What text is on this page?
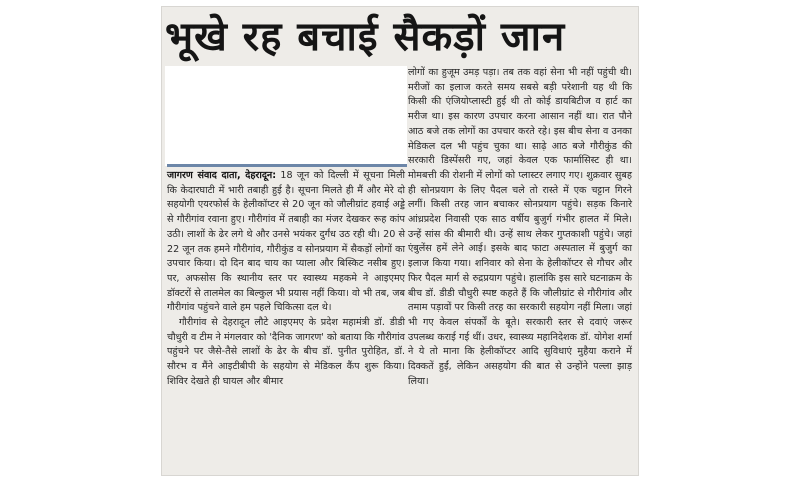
भूखे रह बचाई सैकड़ों जान

जागरण संवाद दाता, देहरादून: 18 जून को दिल्ली में सूचना मिली कि केदारघाटी में भारी तबाही हुई है। सूचना मिलते ही मैं और मेरे दो सहयोगी एयरफोर्स के हेलीकॉप्टर से 20 जून को जौलीग्रांट हवाई अड्डे से गौरीगांव रवाना हुए। गौरीगांव में तबाही का मंजर देखकर रूह कांप उठी। लाशों के ढेर लगे थे और उनसे भयंकर दुर्गंध उठ रही थी। 20 से 22 जून तक हमने गौरीगांव, गौरीकुंड व सोनप्रयाग में सैकड़ों लोगों का उपचार किया। दो दिन बाद चाय का प्याला और बिस्किट नसीब हुए। पर, अफसोस कि स्थानीय स्तर पर स्वास्थ्य महकमे ने आइएमए डॉक्टरों से तालमेल का बिल्कुल भी प्रयास नहीं किया। वो भी तब, जब गौरीगांव पहुंचने वाले हम पहले चिकित्सा दल थे।

गौरीगांव से देहरादून लौटे आइएमए के प्रदेश महामंत्री डॉ. डीडी चौधुरी व टीम ने मंगलवार को 'दैनिक जागरण' को बताया कि गौरीगांव पहुंचने पर जैसे-तैसे लाशों के ढेर के बीच डॉ. पुनीत पुरोहित, डॉ. सौरभ व मैंने आइटीबीपी के सहयोग से मेडिकल कैंप शुरू किया। शिविर देखते ही घायल और बीमार

लोगों का हुजूम उमड़ पड़ा। तब तक वहां सेना भी नहीं पहुंची थी। मरीजों का इलाज करते समय सबसे बड़ी परेशानी यह थी कि किसी की एंजियोप्लास्टी हुई थी तो कोई डायबिटीज व हार्ट का मरीज था। इस कारण उपचार करना आसान नहीं था। रात पौने आठ बजे तक लोगों का उपचार करते रहे। इस बीच सेना व उनका मेडिकल दल भी पहुंच चुका था। साढ़े आठ बजे गौरीकुंड की सरकारी डिस्पेंसरी गए, जहां केवल एक फार्मासिस्ट ही था। मोमबत्ती की रोशनी में लोगों को प्लास्टर लगाए गए। शुक्रवार सुबह ही सोनप्रयाग के लिए पैदल चले तो रास्ते में एक चट्टान गिरने लगीं। किसी तरह जान बचाकर सोनप्रयाग पहुंचे। सड़क किनारे आंध्रप्रदेश निवासी एक साठ वर्षीय बुजुर्ग गंभीर हालत में मिले। उन्हें सांस की बीमारी थी। उन्हें साथ लेकर गुप्तकाशी पहुंचे। जहां एंबुलेंस हमें लेने आई। इसके बाद फाटा अस्पताल में बुजुर्ग का इलाज किया गया। शनिवार को सेना के हेलीकॉप्टर से गौचर और फिर पैदल मार्ग से रुद्रप्रयाग पहुंचे। हालांकि इस सारे घटनाक्रम के बीच डॉ. डीडी चौधुरी स्पष्ट कहते हैं कि जौलीग्रांट से गौरीगांव और तमाम पड़ावों पर किसी तरह का सरकारी सहयोग नहीं मिला। जहां भी गए केवल संपर्कों के बूते। सरकारी स्तर से दवाएं जरूर उपलब्ध कराई गई थीं। उधर, स्वास्थ्य महानिदेशक डॉ. योगेश शर्मा ने ये तो माना कि हेलीकॉप्टर आदि सुविधाएं मुहैया कराने में दिक्कतें हुईं, लेकिन असहयोग की बात से उन्होंने पल्ला झाड़ लिया।
